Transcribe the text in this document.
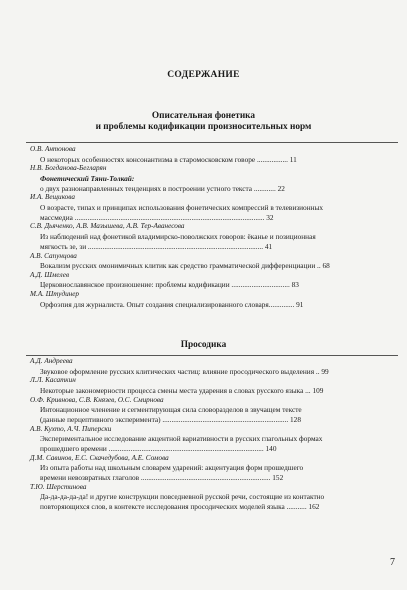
СОДЕРЖАНИЕ
Описательная фонетика
и проблемы кодификации произносительных норм
О.В. Антонова
О некоторых особенностях консонантизма в старомосковском говоре ................. 11
Н.В. Богданова-Бегларян
Фонетический Тяни-Толкай:
о двух разнонаправленных тенденциях в построении устного текста ............ 22
И.А. Вещикова
О возрасте, типах и принципах использования фонетических компрессий в телевизионных
массмедиа ........................................................................................................ 32
С.В. Дьяченко, А.В. Мазышева, А.В. Тер-Аванесова
Из наблюдений над фонетикой владимирско-поволжских говоров: ёканье и позиционная
мягкость зе, зи ................................................................................................ 41
А.В. Сапунцова
Вокализм русских омонимичных клитик как средство грамматической дифференциации .. 68
А.Д. Шмелев
Церковнославянское произношение: проблемы кодификации ................................ 83
М.А. Штудинер
Орфоэпия для журналиста. Опыт создания специализированного словаря.............. 91
Просодика
А.Д. Андреева
Звуковое оформление русских клитических частиц: влияние просодического выделения .. 99
Л.Л. Касаткин
Некоторые закономерности процесса смены места ударения в словах русского языка ... 109
О.Ф. Кривнова, С.В. Князев, О.С. Смирнова
Интонационное членение и сегментирующая сила словоразделов в звучащем тексте
(данные перцептивного эксперимента) ..................................................................... 128
А.В. Кухто, А.Ч. Пиперски
Экспериментальное исследование акцентной вариативности в русских глагольных формах
прошедшего времени ..................................................................................... 140
Д.М. Савинов, Е.С. Скачедубова, А.Е. Сомова
Из опыта работы над школьным словарем ударений: акцентуация форм прошедшего
времени невозвратных глаголов ....................................................................... 152
Т.Ю. Шерстинова
Да-да-да-да-да! и другие конструкции повседневной русской речи, состоящие из контактно
повторяющихся слов, в контексте исследования просодических моделей языка ........... 162
7
